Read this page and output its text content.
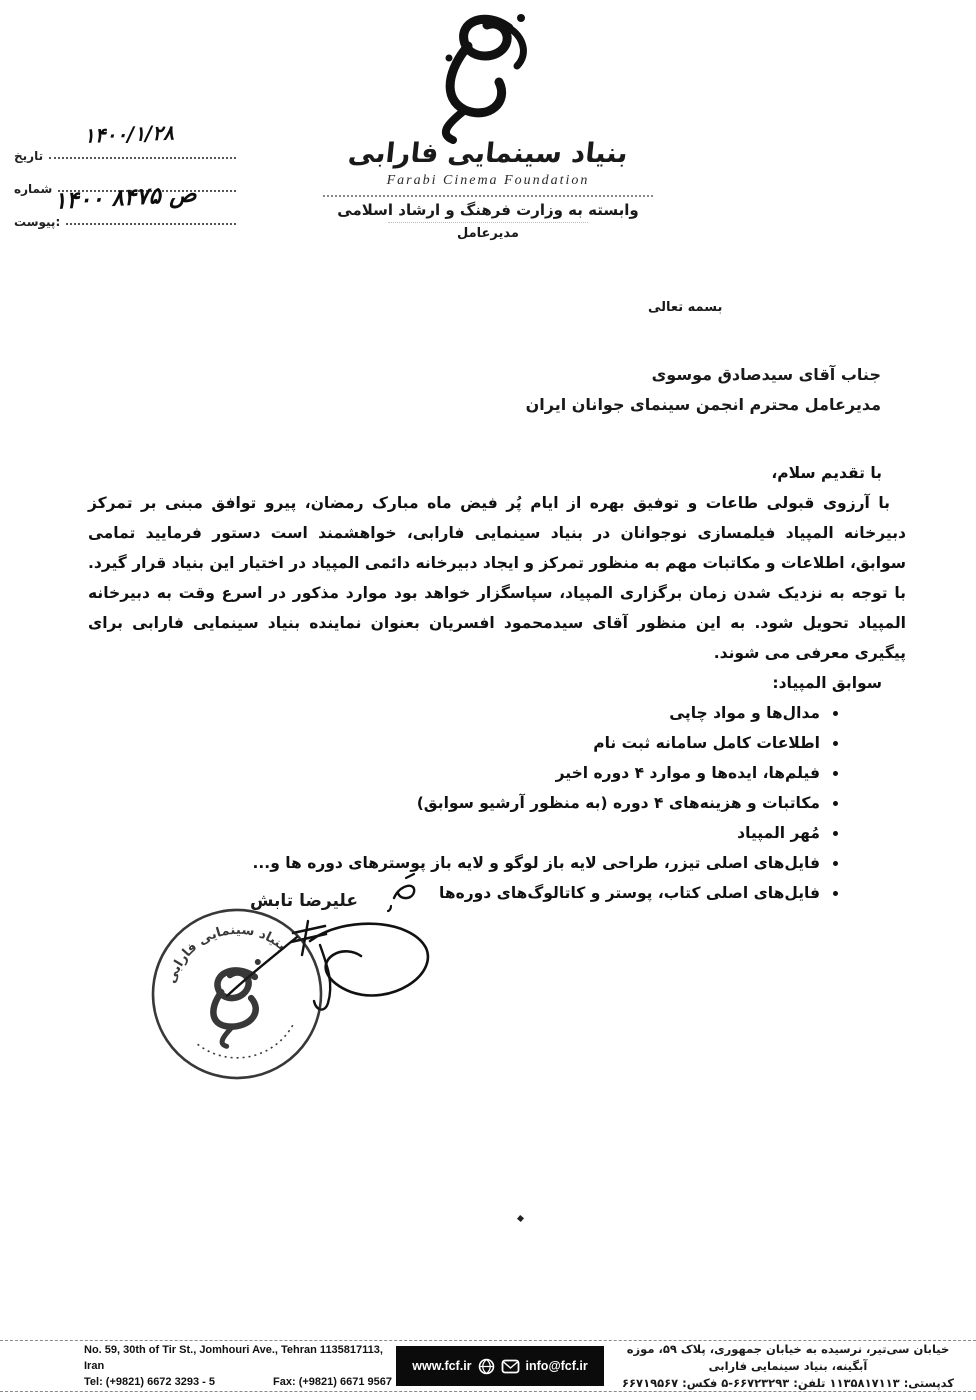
بنیاد سینمایی فارابی
Farabi Cinema Foundation
وابسته به وزارت فرهنگ و ارشاد اسلامی
مدیرعامل
تاریخ
۱۴۰۰/۱/۲۸
شماره ۱۴۰۰ ص ۸۴۷۵
پیوست:
بسمه تعالی
جناب آقای سیدصادق موسوی
مدیرعامل محترم انجمن سینمای جوانان ایران
با تقدیم سلام،
با آرزوی قبولی طاعات و توفیق بهره از ایام پُر فیض ماه مبارک رمضان، پیرو توافق مبنی بر تمرکز دبیرخانه المپیاد فیلمسازی نوجوانان در بنیاد سینمایی فارابی، خواهشمند است دستور فرمایید تمامی سوابق، اطلاعات و مکاتبات مهم به منظور تمرکز و ایجاد دبیرخانه دائمی المپیاد در اختیار این بنیاد قرار گیرد. با توجه به نزدیک شدن زمان برگزاری المپیاد، سپاسگزار خواهد بود موارد مذکور در اسرع وقت به دبیرخانه المپیاد تحویل شود. به این منظور آقای سیدمحمود افسریان بعنوان نماینده بنیاد سینمایی فارابی برای پیگیری معرفی می شوند.
سوابق المپیاد:
• مدال‌ها و مواد چاپی
• اطلاعات کامل سامانه ثبت نام
• فیلم‌ها، ایده‌ها و موارد ۴ دوره اخیر
• مکاتبات و هزینه‌های ۴ دوره (به منظور آرشیو سوابق)
• مُهر المپیاد
• فایل‌های اصلی تیزر، طراحی لایه باز لوگو و لایه باز پوسترهای دوره ها و...
• فایل‌های اصلی کتاب، پوستر و کاتالوگ‌های دوره‌ها
علیرضا تابش
بنیاد سینمایی فارابی
No. 59, 30th of Tir St., Jomhouri Ave., Tehran 1135817113, Iran
Tel: (+9821) 6672 3293 - 5	Fax: (+9821) 6671 9567
www.fcf.ir	info@fcf.ir
خیابان سی‌تیر، نرسیده به خیابان جمهوری، پلاک ۵۹، موزه آبگینه، بنیاد سینمایی فارابی
کدپستی: ۱۱۳۵۸۱۷۱۱۳ تلفن: ۶۶۷۲۳۲۹۳-۵ فکس: ۶۶۷۱۹۵۶۷
